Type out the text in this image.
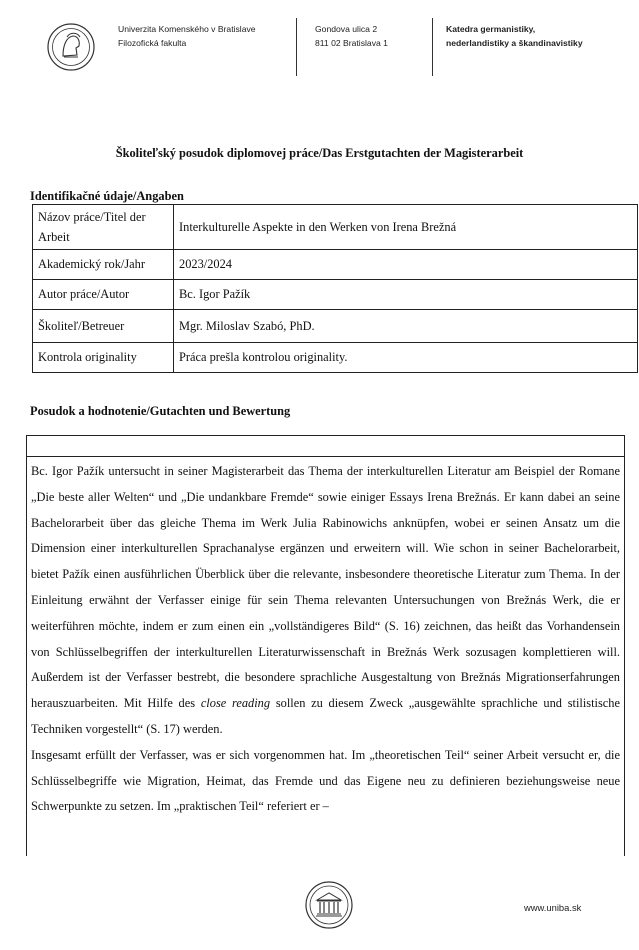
Univerzita Komenského v Bratislave
Filozofická fakulta
Gondova ulica 2
811 02 Bratislava 1
Katedra germanistiky,
nederlandistiky a škandinavistiky
Školiteľský posudok diplomovej práce/Das Erstgutachten der Magisterarbeit
Identifikačné údaje/Angaben
Názov práce/Titel der Arbeit	Interkulturelle Aspekte in den Werken von Irena Brežná
Akademický rok/Jahr	2023/2024
Autor práce/Autor	Bc. Igor Pažík
Školiteľ/Betreuer	Mgr. Miloslav Szabó, PhD.
Kontrola originality	Práca prešla kontrolou originality.
Posudok a hodnotenie/Gutachten und Bewertung

Bc. Igor Pažík untersucht in seiner Magisterarbeit das Thema der interkulturellen Literatur am Beispiel der Romane „Die beste aller Welten“ und „Die undankbare Fremde“ sowie einiger Essays Irena Brežnás. Er kann dabei an seine Bachelorarbeit über das gleiche Thema im Werk Julia Rabinowichs anknüpfen, wobei er seinen Ansatz um die Dimension einer interkulturellen Sprachanalyse ergänzen und erweitern will. Wie schon in seiner Bachelorarbeit, bietet Pažík einen ausführlichen Überblick über die relevante, insbesondere theoretische Literatur zum Thema. In der Einleitung erwähnt der Verfasser einige für sein Thema relevanten Untersuchungen von Brežnás Werk, die er weiterführen möchte, indem er zum einen ein „vollständigeres Bild“ (S. 16) zeichnen, das heißt das Vorhandensein von Schlüsselbegriffen der interkulturellen Literaturwissenschaft in Brežnás Werk sozusagen komplettieren will. Außerdem ist der Verfasser bestrebt, die besondere sprachliche Ausgestaltung von Brežnás Migrationserfahrungen herauszuarbeiten. Mit Hilfe des close reading sollen zu diesem Zweck „ausgewählte sprachliche und stilistische Techniken vorgestellt“ (S. 17) werden.

Insgesamt erfüllt der Verfasser, was er sich vorgenommen hat. Im „theoretischen Teil“ seiner Arbeit versucht er, die Schlüsselbegriffe wie Migration, Heimat, das Fremde und das Eigene neu zu definieren beziehungsweise neue Schwerpunkte zu setzen. Im „praktischen Teil“ referiert er –

www.uniba.sk
